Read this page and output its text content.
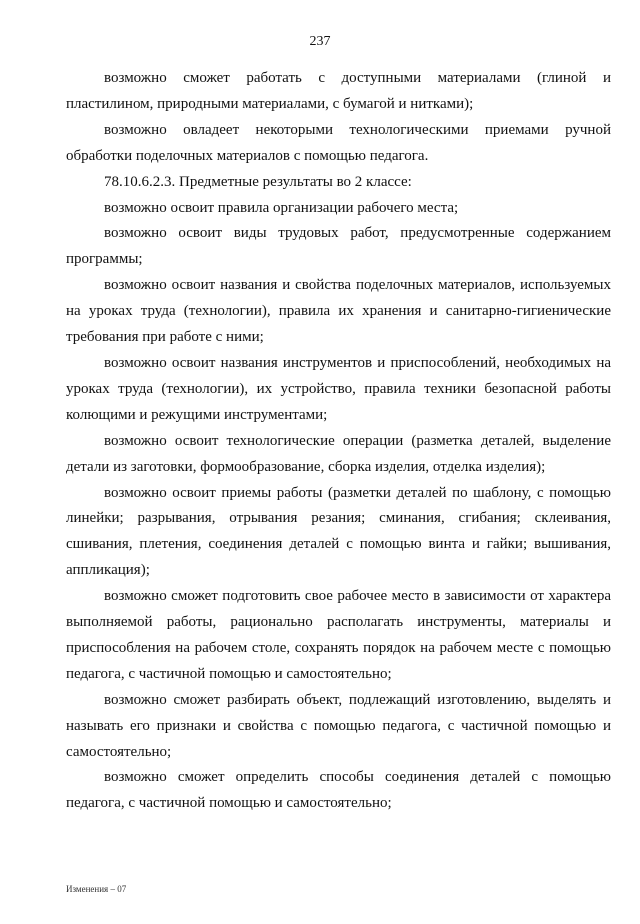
237

возможно сможет работать с доступными материалами (глиной и пластилином, природными материалами, с бумагой и нитками);

возможно овладеет некоторыми технологическими приемами ручной обработки поделочных материалов с помощью педагога.

78.10.6.2.3. Предметные результаты во 2 классе:

возможно освоит правила организации рабочего места;

возможно освоит виды трудовых работ, предусмотренные содержанием программы;

возможно освоит названия и свойства поделочных материалов, используемых на уроках труда (технологии), правила их хранения и санитарно-гигиенические требования при работе с ними;

возможно освоит названия инструментов и приспособлений, необходимых на уроках труда (технологии), их устройство, правила техники безопасной работы колющими и режущими инструментами;

возможно освоит технологические операции (разметка деталей, выделение детали из заготовки, формообразование, сборка изделия, отделка изделия);

возможно освоит приемы работы (разметки деталей по шаблону, с помощью линейки; разрывания, отрывания резания; сминания, сгибания; склеивания, сшивания, плетения, соединения деталей с помощью винта и гайки; вышивания, аппликация);

возможно сможет подготовить свое рабочее место в зависимости от характера выполняемой работы, рационально располагать инструменты, материалы и приспособления на рабочем столе, сохранять порядок на рабочем месте с помощью педагога, с частичной помощью и самостоятельно;

возможно сможет разбирать объект, подлежащий изготовлению, выделять и называть его признаки и свойства с помощью педагога, с частичной помощью и самостоятельно;

возможно сможет определить способы соединения деталей с помощью педагога, с частичной помощью и самостоятельно;

Изменения – 07
